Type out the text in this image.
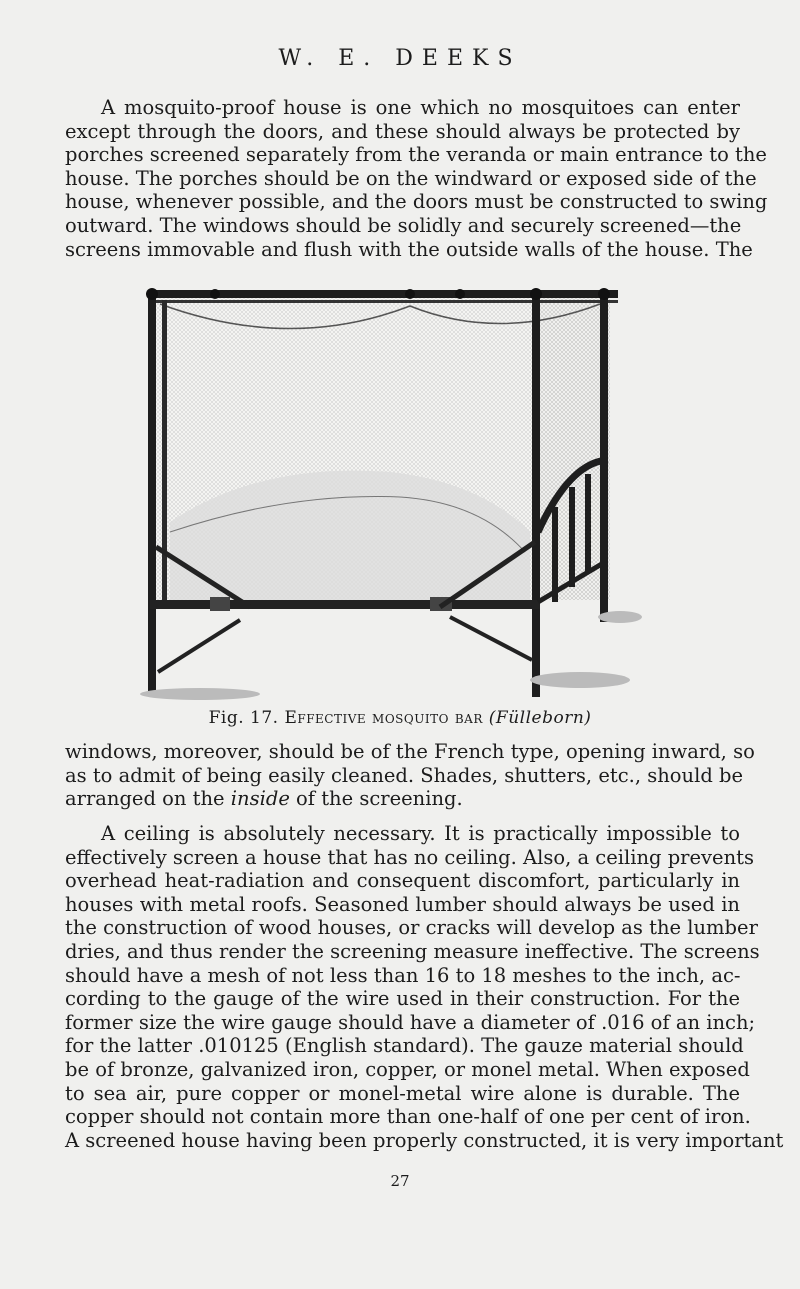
W. E. DEEKS
A mosquito-proof house is one which no mosquitoes can enter
except through the doors, and these should always be protected by
porches screened separately from the veranda or main entrance to the
house. The porches should be on the windward or exposed side of the
house, whenever possible, and the doors must be constructed to swing
outward. The windows should be solidly and securely screened—the
screens immovable and flush with the outside walls of the house. The
Fig. 17. Effective mosquito bar (Fülleborn)
windows, moreover, should be of the French type, opening inward, so
as to admit of being easily cleaned. Shades, shutters, etc., should be
arranged on the inside of the screening.
A ceiling is absolutely necessary. It is practically impossible to
effectively screen a house that has no ceiling. Also, a ceiling prevents
overhead heat-radiation and consequent discomfort, particularly in
houses with metal roofs. Seasoned lumber should always be used in
the construction of wood houses, or cracks will develop as the lumber
dries, and thus render the screening measure ineffective. The screens
should have a mesh of not less than 16 to 18 meshes to the inch, ac-
cording to the gauge of the wire used in their construction. For the
former size the wire gauge should have a diameter of .016 of an inch;
for the latter .010125 (English standard). The gauze material should
be of bronze, galvanized iron, copper, or monel metal. When exposed
to sea air, pure copper or monel-metal wire alone is durable. The
copper should not contain more than one-half of one per cent of iron.
A screened house having been properly constructed, it is very important
27
